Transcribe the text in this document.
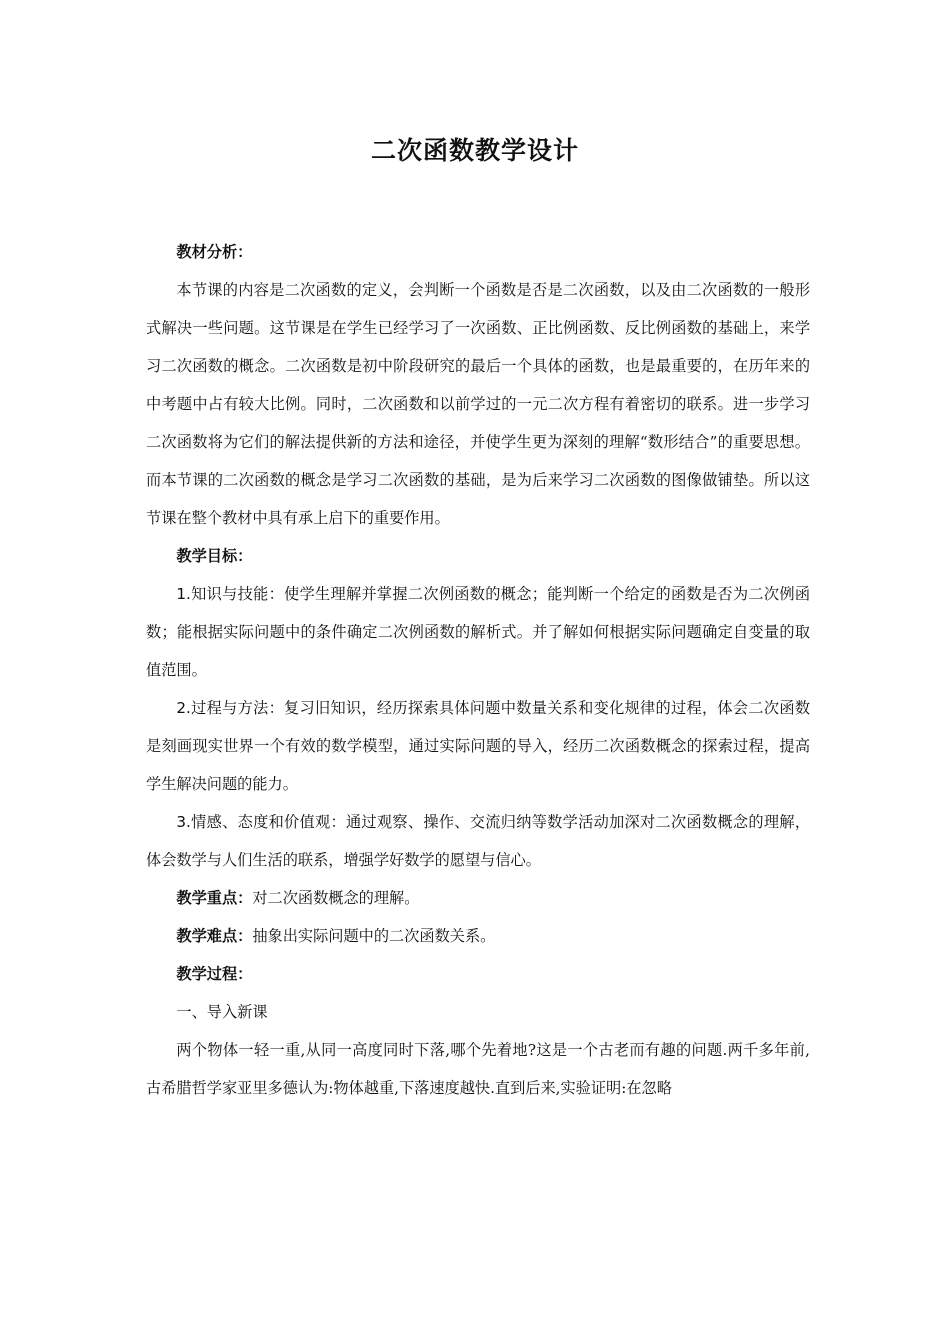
二次函数教学设计

教材分析：

本节课的内容是二次函数的定义，会判断一个函数是否是二次函数，以及由二次函数的一般形式解决一些问题。这节课是在学生已经学习了一次函数、正比例函数、反比例函数的基础上，来学习二次函数的概念。二次函数是初中阶段研究的最后一个具体的函数，也是最重要的，在历年来的中考题中占有较大比例。同时，二次函数和以前学过的一元二次方程有着密切的联系。进一步学习二次函数将为它们的解法提供新的方法和途径，并使学生更为深刻的理解“数形结合”的重要思想。而本节课的二次函数的概念是学习二次函数的基础，是为后来学习二次函数的图像做铺垫。所以这节课在整个教材中具有承上启下的重要作用。

教学目标：

1.知识与技能：使学生理解并掌握二次例函数的概念；能判断一个给定的函数是否为二次例函数；能根据实际问题中的条件确定二次例函数的解析式。并了解如何根据实际问题确定自变量的取值范围。

2.过程与方法：复习旧知识，经历探索具体问题中数量关系和变化规律的过程，体会二次函数是刻画现实世界一个有效的数学模型，通过实际问题的导入，经历二次函数概念的探索过程，提高学生解决问题的能力。

3.情感、态度和价值观：通过观察、操作、交流归纳等数学活动加深对二次函数概念的理解，体会数学与人们生活的联系，增强学好数学的愿望与信心。

教学重点：对二次函数概念的理解。

教学难点：抽象出实际问题中的二次函数关系。

教学过程：

一、导入新课

两个物体一轻一重,从同一高度同时下落,哪个先着地?这是一个古老而有趣的问题.两千多年前,古希腊哲学家亚里多德认为:物体越重,下落速度越快.直到后来,实验证明:在忽略
